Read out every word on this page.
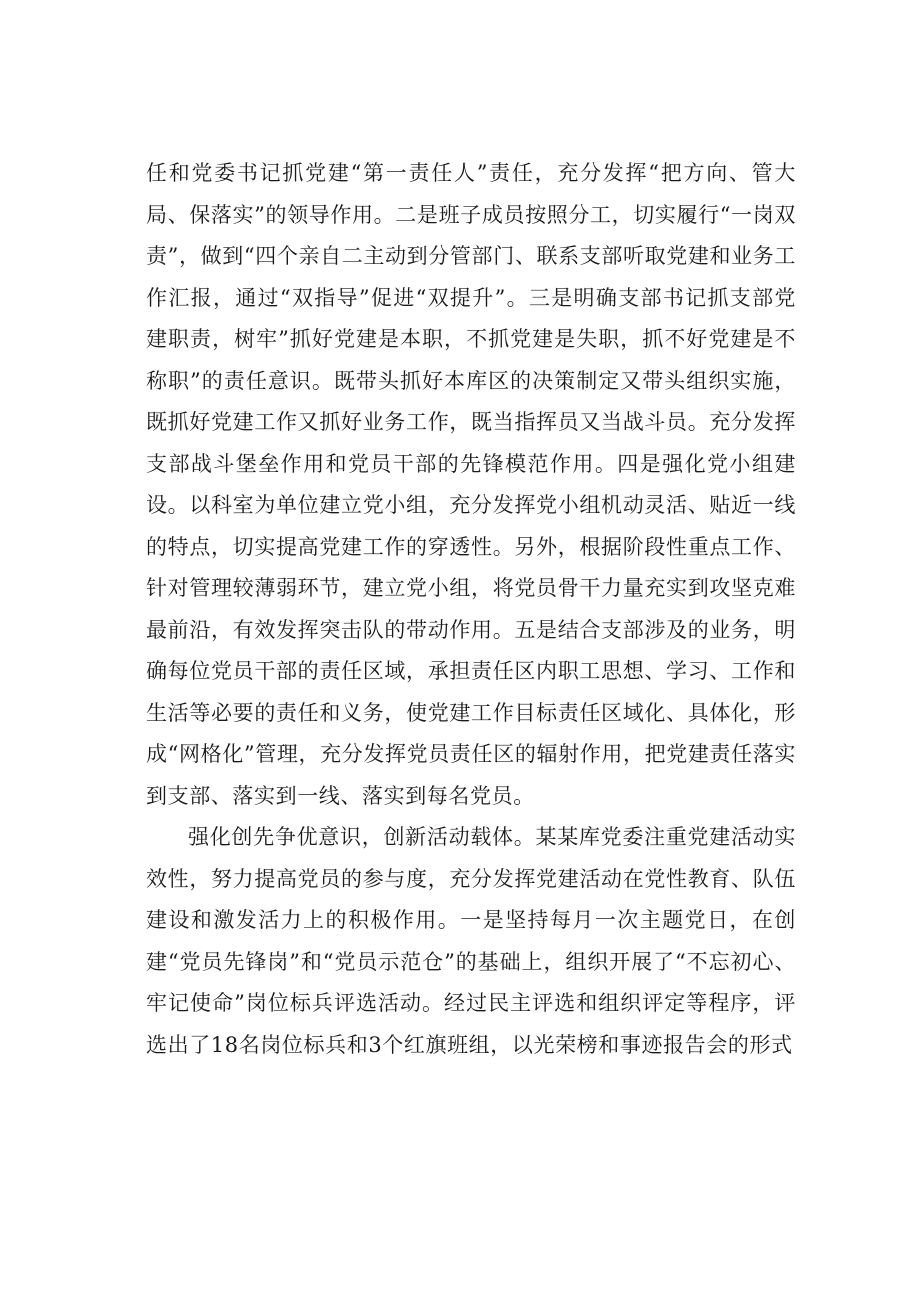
任和党委书记抓党建“第一责任人”责任，充分发挥“把方向、管大局、保落实”的领导作用。二是班子成员按照分工，切实履行“一岗双责”，做到“四个亲自二主动到分管部门、联系支部听取党建和业务工作汇报，通过“双指导”促进“双提升”。三是明确支部书记抓支部党建职责，树牢”抓好党建是本职，不抓党建是失职，抓不好党建是不称职”的责任意识。既带头抓好本库区的决策制定又带头组织实施，既抓好党建工作又抓好业务工作，既当指挥员又当战斗员。充分发挥支部战斗堡垒作用和党员干部的先锋模范作用。四是强化党小组建设。以科室为单位建立党小组，充分发挥党小组机动灵活、贴近一线的特点，切实提高党建工作的穿透性。另外，根据阶段性重点工作、针对管理较薄弱环节，建立党小组，将党员骨干力量充实到攻坚克难最前沿，有效发挥突击队的带动作用。五是结合支部涉及的业务，明确每位党员干部的责任区域，承担责任区内职工思想、学习、工作和生活等必要的责任和义务，使党建工作目标责任区域化、具体化，形成“网格化”管理，充分发挥党员责任区的辐射作用，把党建责任落实到支部、落实到一线、落实到每名党员。

强化创先争优意识，创新活动载体。某某库党委注重党建活动实效性，努力提高党员的参与度，充分发挥党建活动在党性教育、队伍建设和激发活力上的积极作用。一是坚持每月一次主题党日，在创建“党员先锋岗”和“党员示范仓”的基础上，组织开展了“不忘初心、牢记使命”岗位标兵评选活动。经过民主评选和组织评定等程序，评选出了18名岗位标兵和3个红旗班组，以光荣榜和事迹报告会的形式
